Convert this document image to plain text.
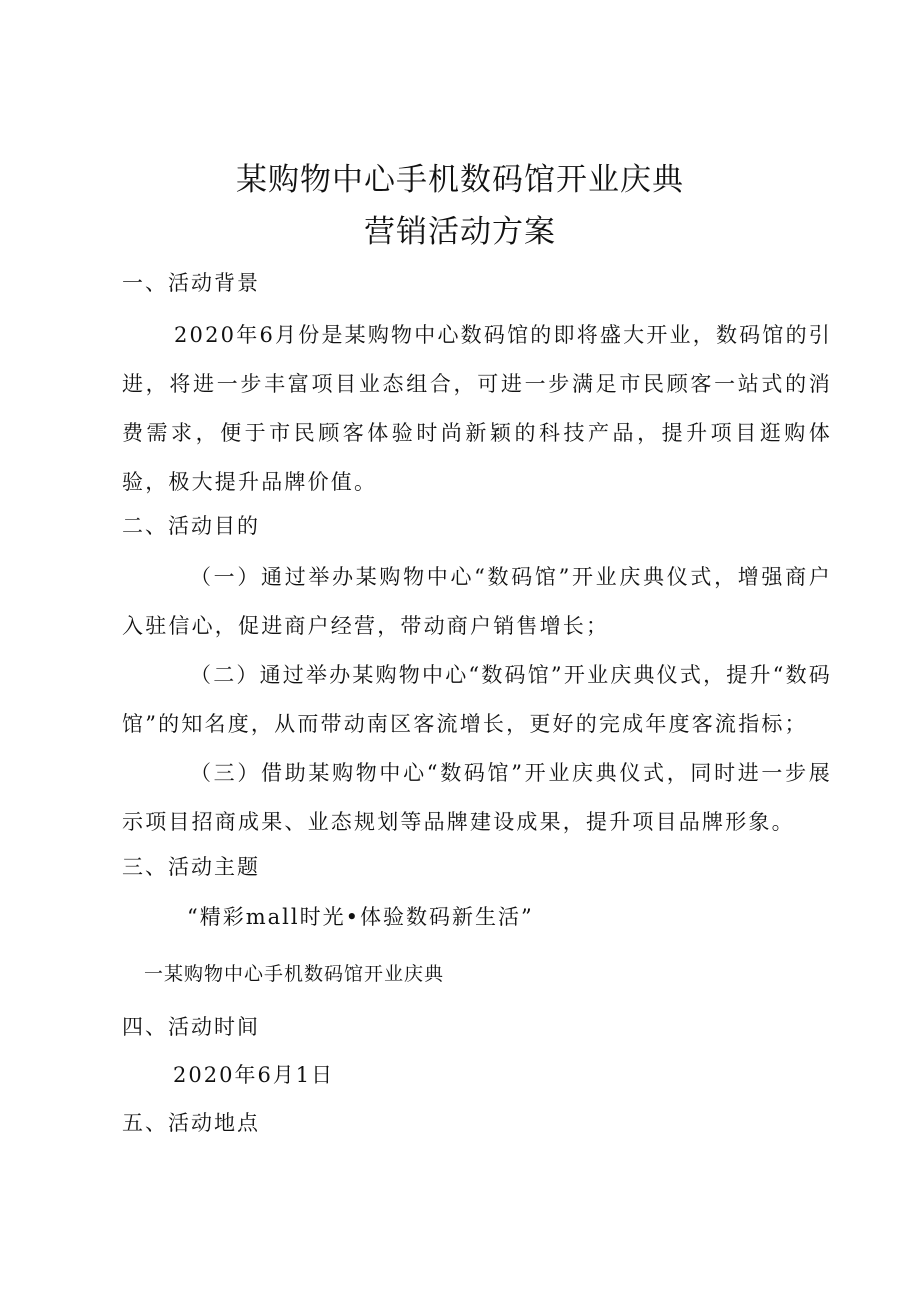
某购物中心手机数码馆开业庆典
营销活动方案
一、活动背景
2020年6月份是某购物中心数码馆的即将盛大开业，数码馆的引进，将进一步丰富项目业态组合，可进一步满足市民顾客一站式的消费需求，便于市民顾客体验时尚新颖的科技产品，提升项目逛购体验，极大提升品牌价值。
二、活动目的
（一）通过举办某购物中心“数码馆”开业庆典仪式，增强商户入驻信心，促进商户经营，带动商户销售增长；
（二）通过举办某购物中心“数码馆”开业庆典仪式，提升“数码馆”的知名度，从而带动南区客流增长，更好的完成年度客流指标；
（三）借助某购物中心“数码馆”开业庆典仪式，同时进一步展示项目招商成果、业态规划等品牌建设成果，提升项目品牌形象。
三、活动主题
“精彩mall时光•体验数码新生活”
一某购物中心手机数码馆开业庆典
四、活动时间
2020年6月1日
五、活动地点
